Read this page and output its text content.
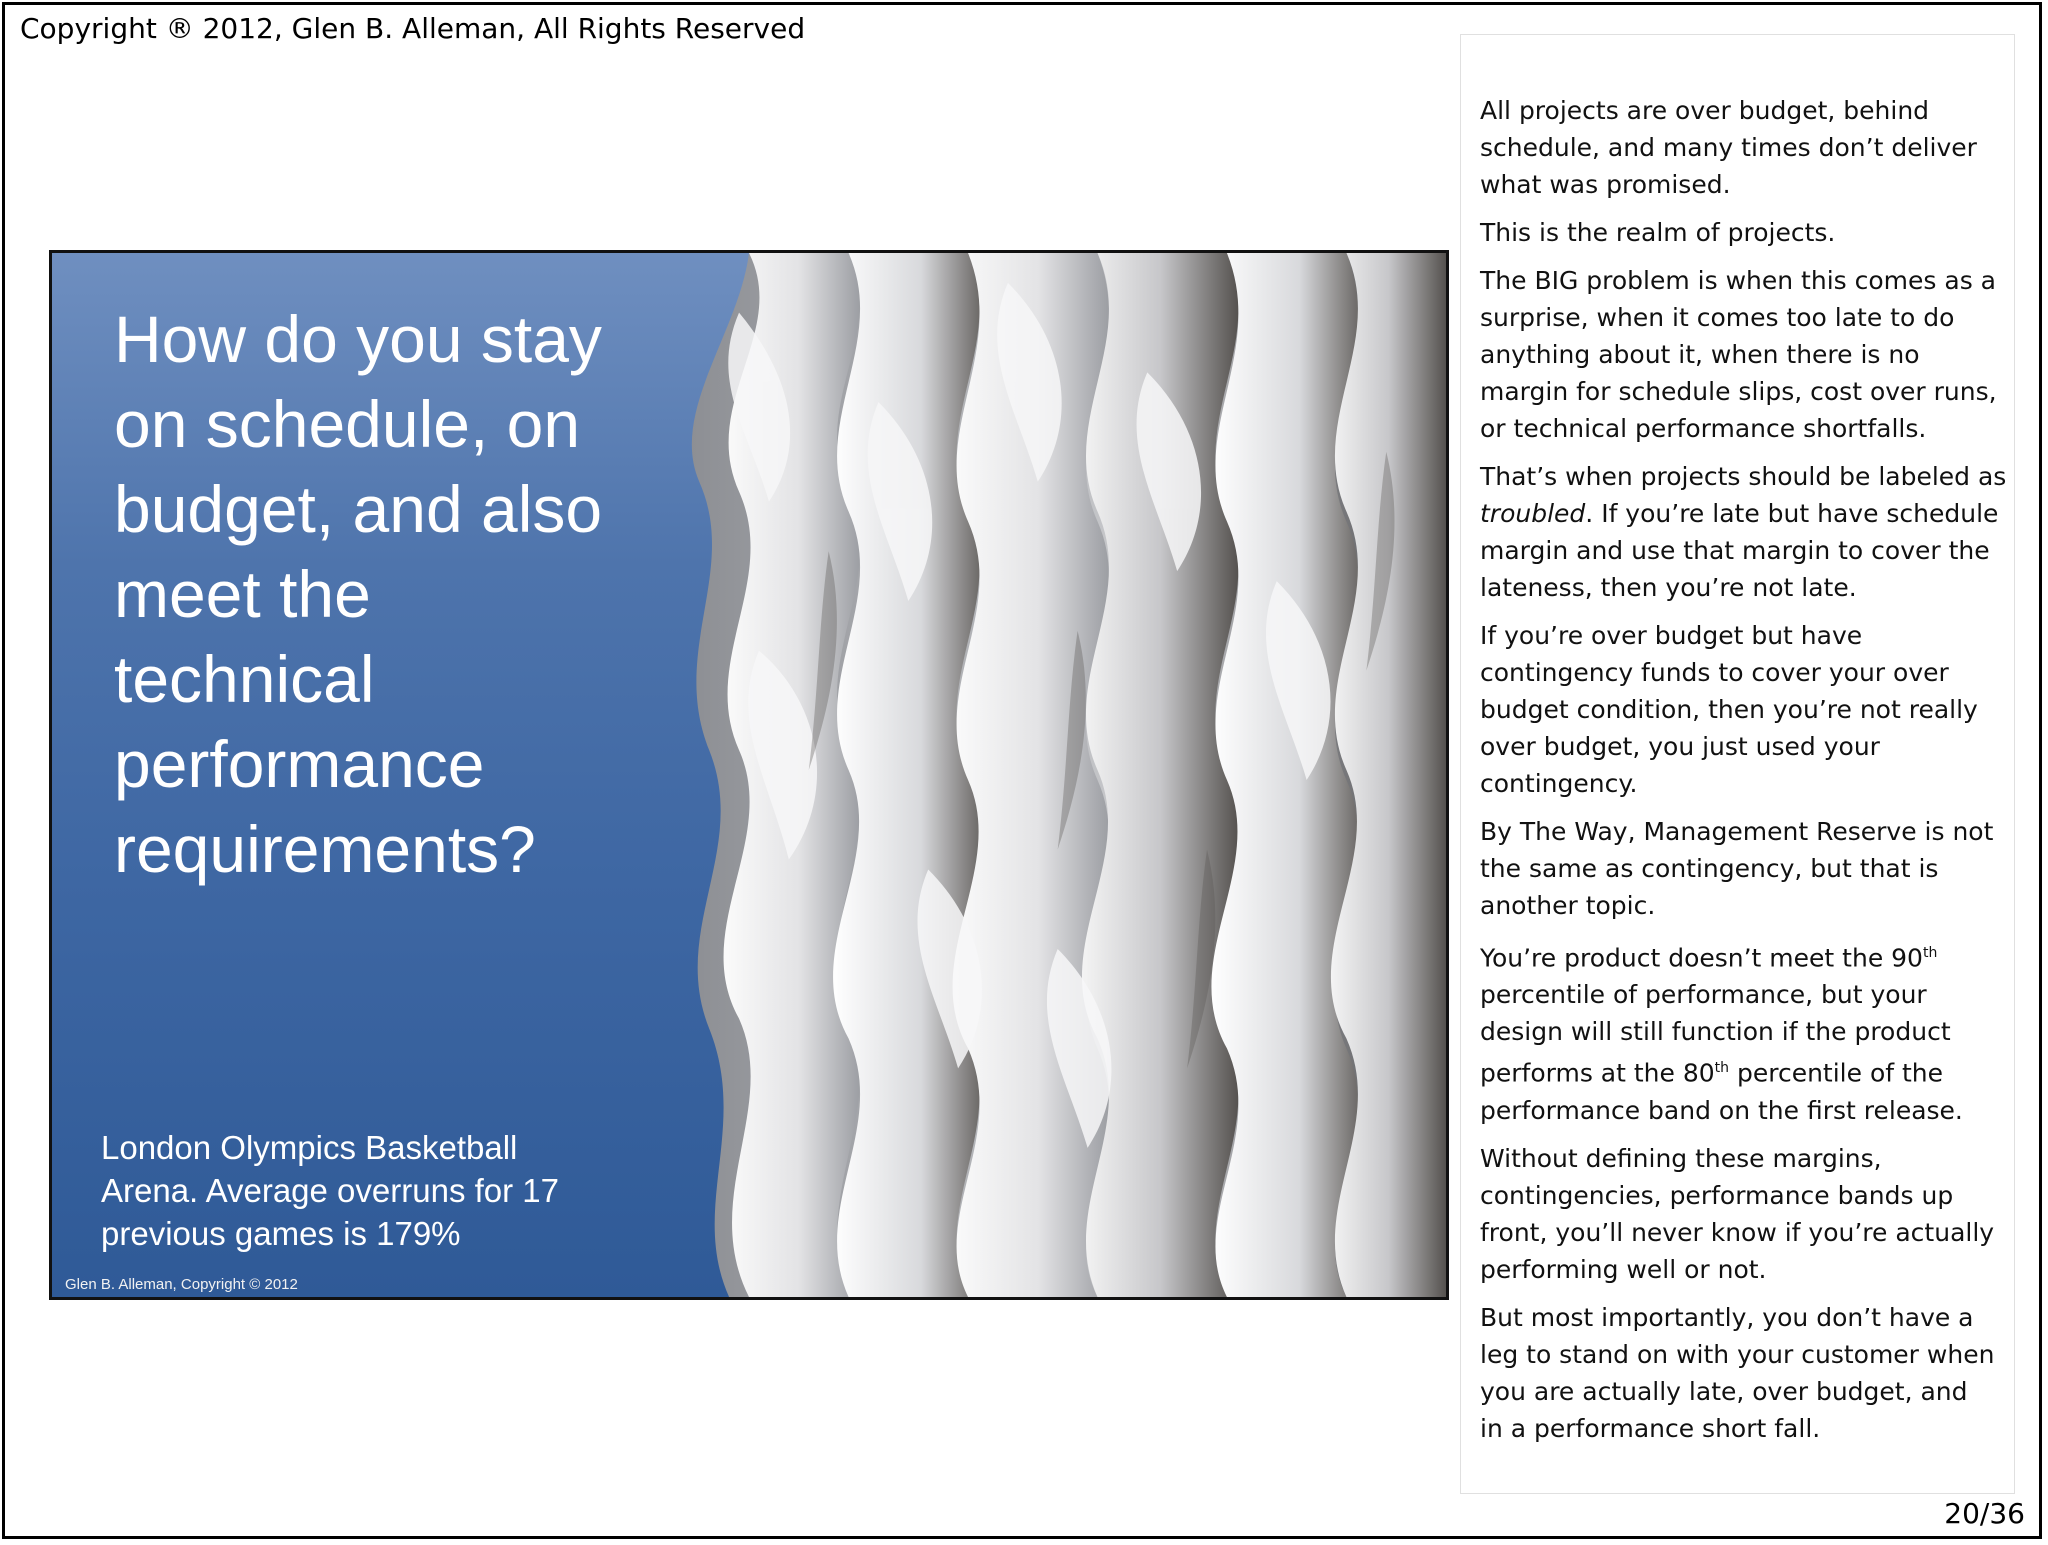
Copyright ® 2012, Glen B. Alleman, All Rights Reserved
How do you stay
on schedule, on
budget, and also
meet the
technical
performance
requirements?
London Olympics Basketball
Arena. Average overruns for 17
previous games is 179%
Glen B. Alleman, Copyright © 2012

All projects are over budget, behind
schedule, and many times don’t deliver
what was promised.

This is the realm of projects.

The BIG problem is when this comes as a
surprise, when it comes too late to do
anything about it, when there is no
margin for schedule slips, cost over runs,
or technical performance shortfalls.

That’s when projects should be labeled as
troubled. If you’re late but have schedule
margin and use that margin to cover the
lateness, then you’re not late.

If you’re over budget but have
contingency funds to cover your over
budget condition, then you’re not really
over budget, you just used your
contingency.

By The Way, Management Reserve is not
the same as contingency, but that is
another topic.

You’re product doesn’t meet the 90th
percentile of performance, but your
design will still function if the product
performs at the 80th percentile of the
performance band on the first release.

Without defining these margins,
contingencies, performance bands up
front, you’ll never know if you’re actually
performing well or not.

But most importantly, you don’t have a
leg to stand on with your customer when
you are actually late, over budget, and
in a performance short fall.

20/36
